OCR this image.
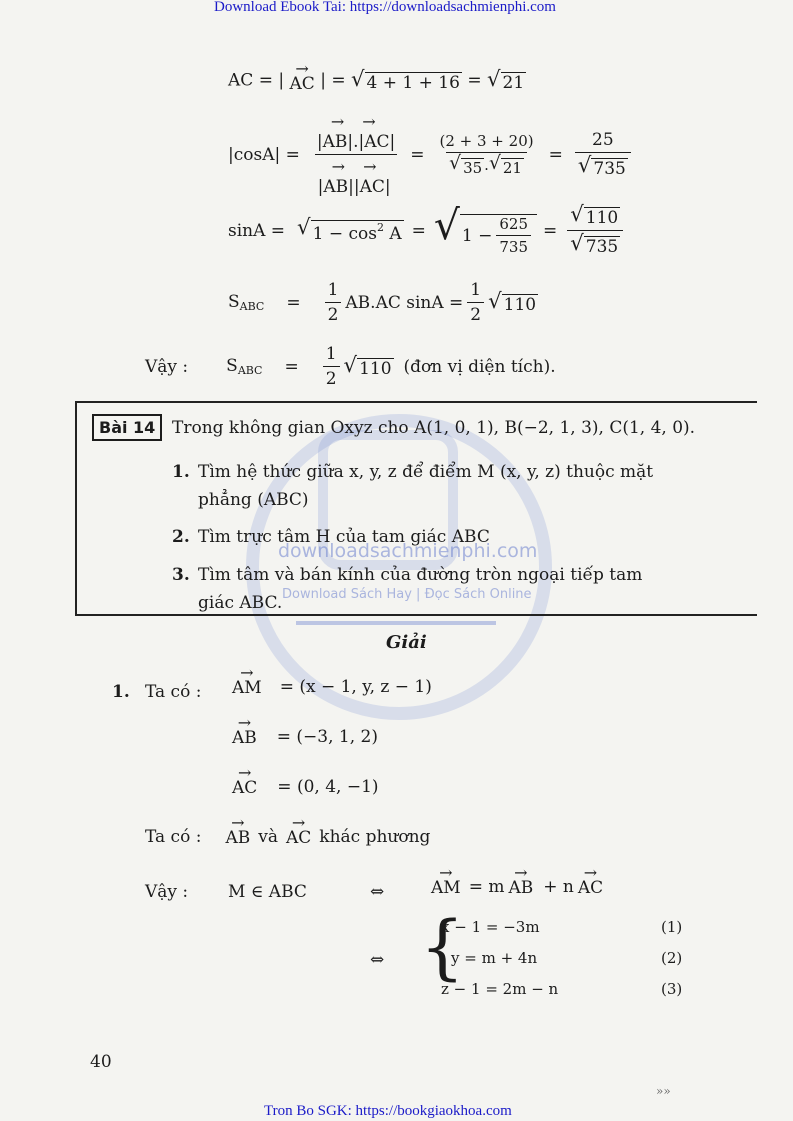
downloadsachmienphi.com
Download Sách Hay | Đọc Sách Online
Download Ebook Tai: https://downloadsachmienphi.com
Tron Bo SGK: https://bookgiaokhoa.com
AC = |
→
AC | = √ 4 + 1 + 16 = √ 21
|cosA| =
→→
|AB|.|AC|
→→
|AB||AC|
= $\frac{(2 + 3 + 20)}{√ 35 . √ 21} = \frac{25}{√ 735}$
sinA = √ $1 - \cos^2 A$ = √ $1 - \frac{625}{735} = \frac{√ 110}{√ 735}$
$S_{ABC} = \frac{1}{2} AB.AC$ $\sin A = \frac{1}{2}$ √ 110
Vậy : $S_{ABC} = \frac{1}{2}$ √ 110 (đơn vị diện tích).
Bài 14 Trong không gian Oxyz cho A(1, 0, 1), B(−2, 1, 3), C(1, 4, 0).
1. Tìm hệ thức giữa x, y, z để điểm M (x, y, z) thuộc mặt
phẳng (ABC)
2. Tìm trực tâm H của tam giác ABC
3. Tìm tâm và bán kính của đường tròn ngoại tiếp tam
giác ABC.
Giải
1. Ta có :
→
AM = (x − 1, y, z − 1)
→
AB = (−3, 1, 2)
→
AC = (0, 4, −1)
Ta có :
→
AB và
→
AC khác phương
Vậy : M ∈ ABC	⇔
→
AM = m
→
AB + n
→
AC
⇔ {
x − 1 = −3m	(1)
y = m + 4n	(2)
z − 1 = 2m − n	(3)
40
»»
